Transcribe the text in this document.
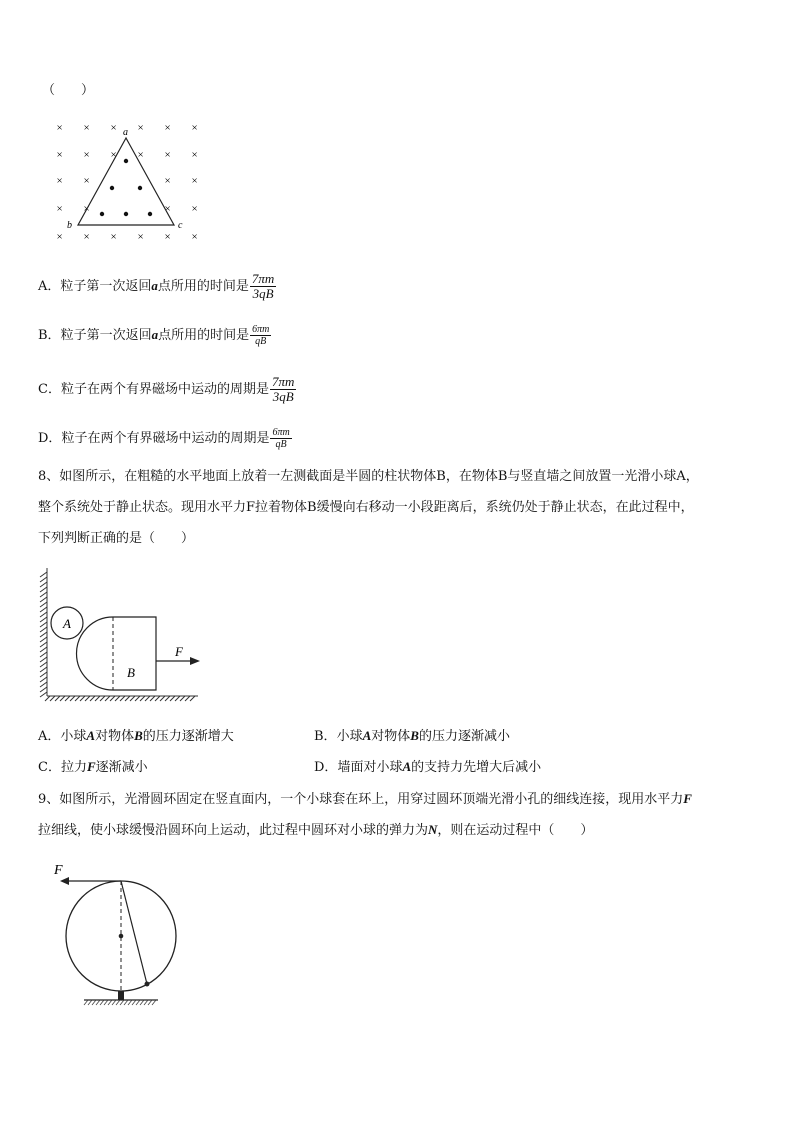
（　　）
× × × × × ×
× × × × × ×
× ×	× ×
× ×	× ×
× × × × × ×
a
b	c
A．粒子第一次返回a点所用的时间是 $\frac{7\pi m}{3qB}$
B．粒子第一次返回a点所用的时间是 $\frac{6\pi m}{qB}$
C．粒子在两个有界磁场中运动的周期是 $\frac{7\pi m}{3qB}$
D．粒子在两个有界磁场中运动的周期是 $\frac{6\pi m}{qB}$
8、如图所示，在粗糙的水平地面上放着一左测截面是半圆的柱状物体B，在物体B与竖直墙之间放置一光滑小球A，
整个系统处于静止状态。现用水平力F拉着物体B缓慢向右移动一小段距离后，系统仍处于静止状态，在此过程中，
下列判断正确的是（　　）
A
B
F
A．小球A对物体B的压力逐渐增大	B．小球A对物体B的压力逐渐减小
C．拉力F逐渐减小	D．墙面对小球A的支持力先增大后减小
9、如图所示，光滑圆环固定在竖直面内，一个小球套在环上，用穿过圆环顶端光滑小孔的细线连接，现用水平力F
拉细线，使小球缓慢沿圆环向上运动，此过程中圆环对小球的弹力为N，则在运动过程中（　　）
F
